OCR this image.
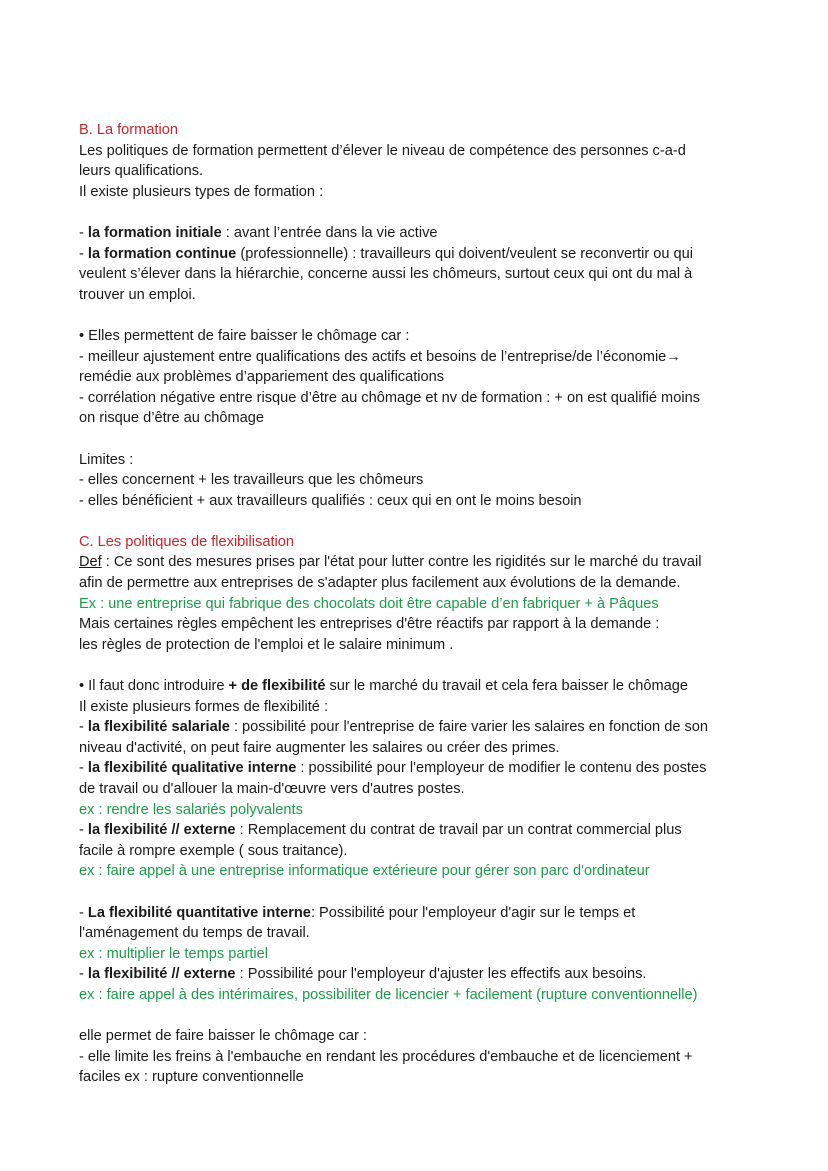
B. La formation
Les politiques de formation permettent d’élever le niveau de compétence des personnes c-a-d
leurs qualifications.
Il existe plusieurs types de formation :
- la formation initiale : avant l’entrée dans la vie active
- la formation continue (professionnelle) : travailleurs qui doivent/veulent se reconvertir ou qui
veulent s’élever dans la hiérarchie, concerne aussi les chômeurs, surtout ceux qui ont du mal à
trouver un emploi.
• Elles permettent de faire baisser le chômage car :
- meilleur ajustement entre qualifications des actifs et besoins de l’entreprise/de l’économie→
remédie aux problèmes d’appariement des qualifications
- corrélation négative entre risque d’être au chômage et nv de formation : + on est qualifié moins
on risque d’être au chômage
Limites :
- elles concernent + les travailleurs que les chômeurs
- elles bénéficient + aux travailleurs qualifiés : ceux qui en ont le moins besoin
C. Les politiques de flexibilisation
Def : Ce sont des mesures prises par l'état pour lutter contre les rigidités sur le marché du travail
afin de permettre aux entreprises de s'adapter plus facilement aux évolutions de la demande.
Ex : une entreprise qui fabrique des chocolats doit être capable d’en fabriquer + à Pâques
Mais certaines règles empêchent les entreprises d'être réactifs par rapport à la demande :
les règles de protection de l'emploi et le salaire minimum .
• Il faut donc introduire + de flexibilité sur le marché du travail et cela fera baisser le chômage
Il existe plusieurs formes de flexibilité :
- la flexibilité salariale : possibilité pour l'entreprise de faire varier les salaires en fonction de son
niveau d'activité, on peut faire augmenter les salaires ou créer des primes.
- la flexibilité qualitative interne : possibilité pour l'employeur de modifier le contenu des postes
de travail ou d'allouer la main-d'œuvre vers d'autres postes.
ex : rendre les salariés polyvalents
- la flexibilité // externe : Remplacement du contrat de travail par un contrat commercial plus
facile à rompre exemple ( sous traitance).
ex : faire appel à une entreprise informatique extérieure pour gérer son parc d'ordinateur
- La flexibilité quantitative interne: Possibilité pour l'employeur d'agir sur le temps et
l'aménagement du temps de travail.
ex : multiplier le temps partiel
- la flexibilité // externe : Possibilité pour l'employeur d'ajuster les effectifs aux besoins.
ex : faire appel à des intérimaires, possibiliter de licencier + facilement (rupture conventionnelle)
elle permet de faire baisser le chômage car :
- elle limite les freins à l'embauche en rendant les procédures d'embauche et de licenciement +
faciles ex : rupture conventionnelle
